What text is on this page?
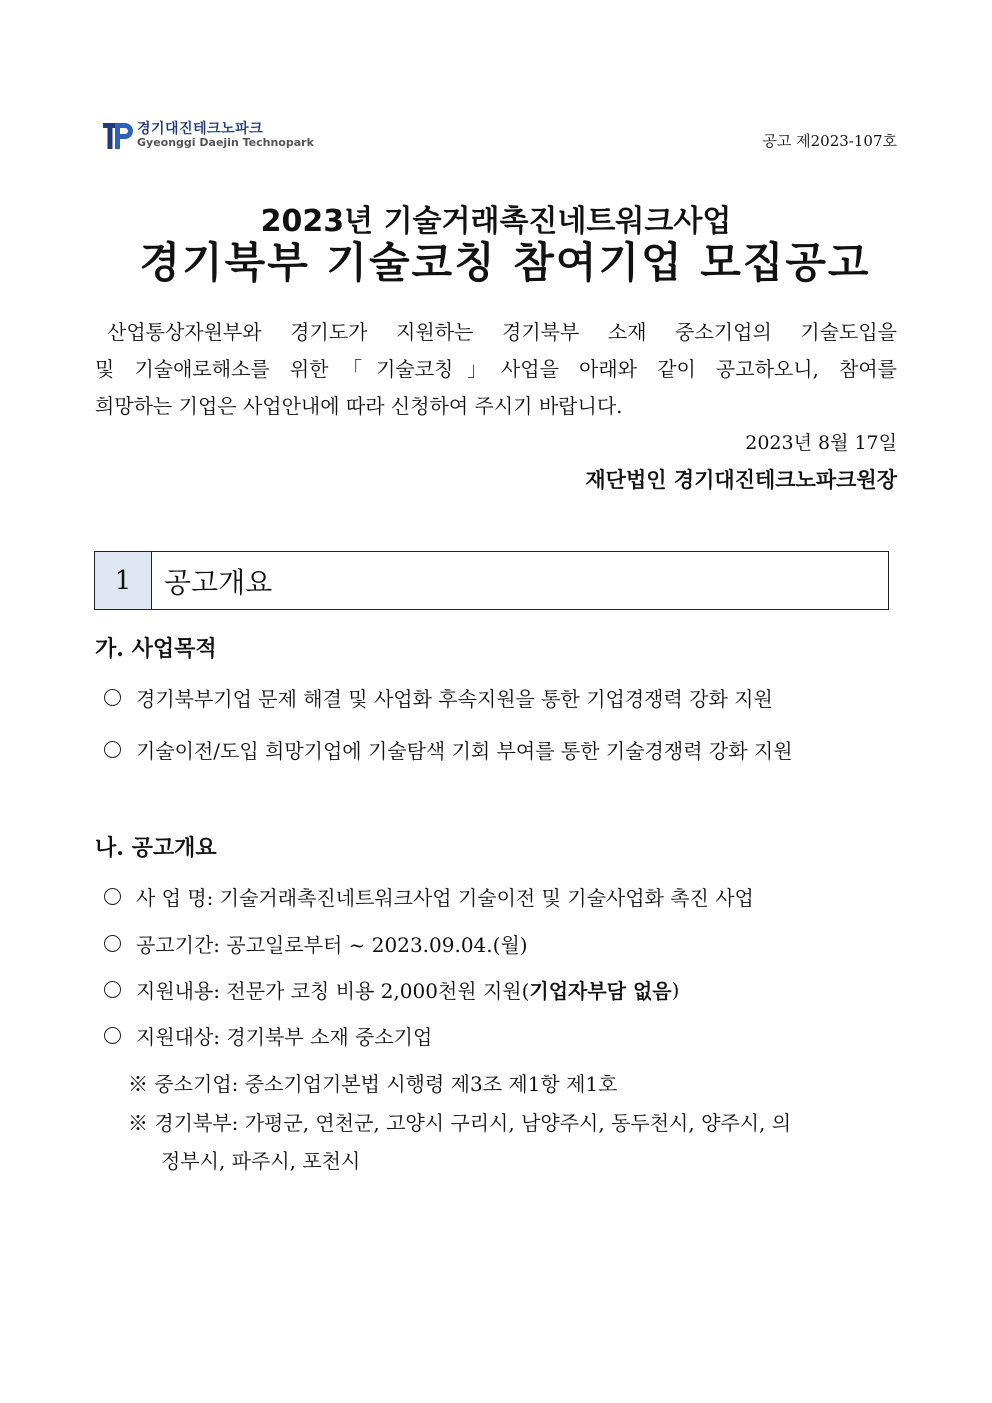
경기대진테크노파크
Gyeonggi Daejin Technopark	공고 제2023-107호
2023년 기술거래촉진네트워크사업
경기북부 기술코칭 참여기업 모집공고
산업통상자원부와 경기도가 지원하는 경기북부 소재 중소기업의 기술도입을
및 기술애로해소를 위한「기술코칭」사업을 아래와 같이 공고하오니, 참여를
희망하는 기업은 사업안내에 따라 신청하여 주시기 바랍니다.
2023년 8월 17일
재단법인 경기대진테크노파크원장
1	공고개요
가. 사업목적
경기북부기업 문제 해결 및 사업화 후속지원을 통한 기업경쟁력 강화 지원
기술이전/도입 희망기업에 기술탐색 기회 부여를 통한 기술경쟁력 강화 지원
나. 공고개요
사 업 명: 기술거래촉진네트워크사업 기술이전 및 기술사업화 촉진 사업
공고기간: 공고일로부터 ~ 2023.09.04.(월)
지원내용: 전문가 코칭 비용 2,000천원 지원( 기업자부담 없음 )
지원대상: 경기북부 소재 중소기업
※ 중소기업: 중소기업기본법 시행령 제3조 제1항 제1호
※ 경기북부: 가평군, 연천군, 고양시 구리시, 남양주시, 동두천시, 양주시, 의
정부시, 파주시, 포천시
